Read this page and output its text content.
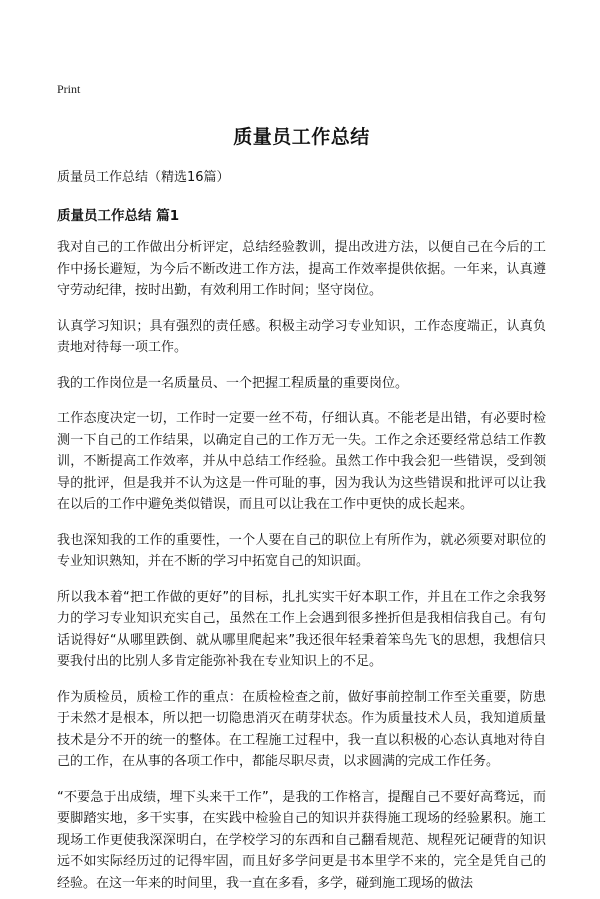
Print
质量员工作总结
质量员工作总结（精选16篇）
质量员工作总结 篇1

我对自己的工作做出分析评定，总结经验教训，提出改进方法，以便自己在今后的工作中扬长避短，为今后不断改进工作方法，提高工作效率提供依据。一年来，认真遵守劳动纪律，按时出勤，有效利用工作时间；坚守岗位。

认真学习知识；具有强烈的责任感。积极主动学习专业知识，工作态度端正，认真负责地对待每一项工作。

我的工作岗位是一名质量员、一个把握工程质量的重要岗位。

工作态度决定一切，工作时一定要一丝不苟，仔细认真。不能老是出错，有必要时检测一下自己的工作结果，以确定自己的工作万无一失。工作之余还要经常总结工作教训，不断提高工作效率，并从中总结工作经验。虽然工作中我会犯一些错误，受到领导的批评，但是我并不认为这是一件可耻的事，因为我认为这些错误和批评可以让我在以后的工作中避免类似错误，而且可以让我在工作中更快的成长起来。

我也深知我的工作的重要性，一个人要在自己的职位上有所作为，就必须要对职位的专业知识熟知，并在不断的学习中拓宽自己的知识面。

所以我本着“把工作做的更好”的目标，扎扎实实干好本职工作，并且在工作之余我努力的学习专业知识充实自己，虽然在工作上会遇到很多挫折但是我相信我自己。有句话说得好“从哪里跌倒、就从哪里爬起来”我还很年轻秉着笨鸟先飞的思想，我想信只要我付出的比别人多肯定能弥补我在专业知识上的不足。

作为质检员，质检工作的重点：在质检检查之前，做好事前控制工作至关重要，防患于未然才是根本，所以把一切隐患消灭在萌芽状态。作为质量技术人员，我知道质量技术是分不开的统一的整体。在工程施工过程中，我一直以积极的心态认真地对待自己的工作，在从事的各项工作中，都能尽职尽责，以求圆满的完成工作任务。

“不要急于出成绩，埋下头来干工作”，是我的工作格言，提醒自己不要好高骛远，而要脚踏实地，多干实事，在实践中检验自己的知识并获得施工现场的经验累积。施工现场工作更使我深深明白，在学校学习的东西和自己翻看规范、规程死记硬背的知识远不如实际经历过的记得牢固，而且好多学问更是书本里学不来的，完全是凭自己的经验。在这一年来的时间里，我一直在多看，多学，碰到施工现场的做法
